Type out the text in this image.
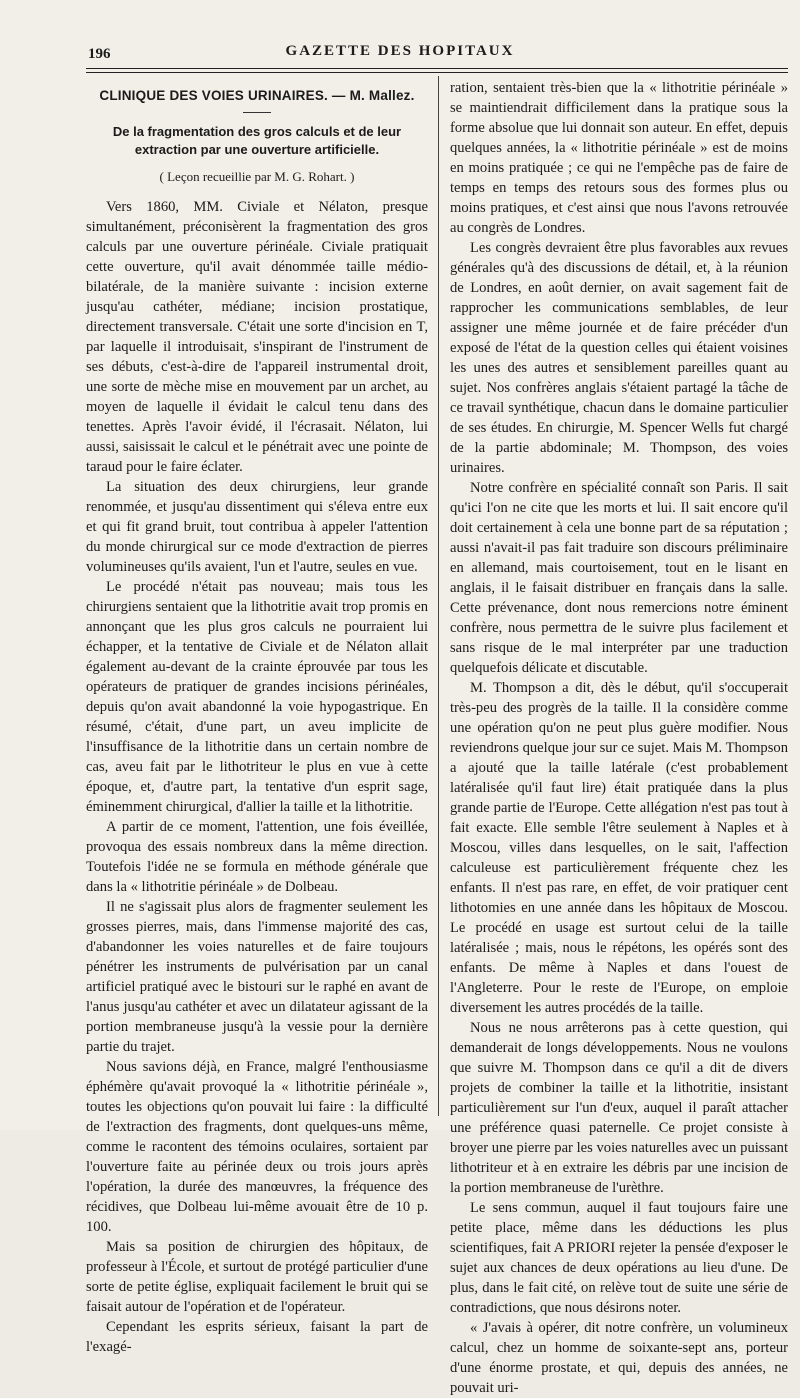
196	GAZETTE DES HOPITAUX
CLINIQUE DES VOIES URINAIRES. — M. Mallez.
De la fragmentation des gros calculs et de leur extraction par une ouverture artificielle.
( Leçon recueillie par M. G. Rohart. )

Vers 1860, MM. Civiale et Nélaton, presque simultanément, préconisèrent la fragmentation des gros calculs par une ouverture périnéale. Civiale pratiquait cette ouverture, qu'il avait dénommée taille médio-bilatérale, de la manière suivante : incision externe jusqu'au cathéter, médiane; incision prostatique, directement transversale. C'était une sorte d'incision en T, par laquelle il introduisait, s'inspirant de l'instrument de ses débuts, c'est-à-dire de l'appareil instrumental droit, une sorte de mèche mise en mouvement par un archet, au moyen de laquelle il évidait le calcul tenu dans des tenettes. Après l'avoir évidé, il l'écrasait. Nélaton, lui aussi, saisissait le calcul et le pénétrait avec une pointe de taraud pour le faire éclater.

La situation des deux chirurgiens, leur grande renommée, et jusqu'au dissentiment qui s'éleva entre eux et qui fit grand bruit, tout contribua à appeler l'attention du monde chirurgical sur ce mode d'extraction de pierres volumineuses qu'ils avaient, l'un et l'autre, seules en vue.

Le procédé n'était pas nouveau; mais tous les chirurgiens sentaient que la lithotritie avait trop promis en annonçant que les plus gros calculs ne pourraient lui échapper, et la tentative de Civiale et de Nélaton allait également au-devant de la crainte éprouvée par tous les opérateurs de pratiquer de grandes incisions périnéales, depuis qu'on avait abandonné la voie hypogastrique. En résumé, c'était, d'une part, un aveu implicite de l'insuffisance de la lithotritie dans un certain nombre de cas, aveu fait par le lithotriteur le plus en vue à cette époque, et, d'autre part, la tentative d'un esprit sage, éminemment chirurgical, d'allier la taille et la lithotritie.

A partir de ce moment, l'attention, une fois éveillée, provoqua des essais nombreux dans la même direction. Toutefois l'idée ne se formula en méthode générale que dans la « lithotritie périnéale » de Dolbeau.

Il ne s'agissait plus alors de fragmenter seulement les grosses pierres, mais, dans l'immense majorité des cas, d'abandonner les voies naturelles et de faire toujours pénétrer les instruments de pulvérisation par un canal artificiel pratiqué avec le bistouri sur le raphé en avant de l'anus jusqu'au cathéter et avec un dilatateur agissant de la portion membraneuse jusqu'à la vessie pour la dernière partie du trajet.

Nous savions déjà, en France, malgré l'enthousiasme éphémère qu'avait provoqué la « lithotritie périnéale », toutes les objections qu'on pouvait lui faire : la difficulté de l'extraction des fragments, dont quelques-uns même, comme le racontent des témoins oculaires, sortaient par l'ouverture faite au périnée deux ou trois jours après l'opération, la durée des manœuvres, la fréquence des récidives, que Dolbeau lui-même avouait être de 10 p. 100.

Mais sa position de chirurgien des hôpitaux, de professeur à l'École, et surtout de protégé particulier d'une sorte de petite église, expliquait facilement le bruit qui se faisait autour de l'opération et de l'opérateur.

Cependant les esprits sérieux, faisant la part de l'exagé-

ration, sentaient très-bien que la « lithotritie périnéale » se maintiendrait difficilement dans la pratique sous la forme absolue que lui donnait son auteur. En effet, depuis quelques années, la « lithotritie périnéale » est de moins en moins pratiquée ; ce qui ne l'empêche pas de faire de temps en temps des retours sous des formes plus ou moins pratiques, et c'est ainsi que nous l'avons retrouvée au congrès de Londres.

Les congrès devraient être plus favorables aux revues générales qu'à des discussions de détail, et, à la réunion de Londres, en août dernier, on avait sagement fait de rapprocher les communications semblables, de leur assigner une même journée et de faire précéder d'un exposé de l'état de la question celles qui étaient voisines les unes des autres et sensiblement pareilles quant au sujet. Nos confrères anglais s'étaient partagé la tâche de ce travail synthétique, chacun dans le domaine particulier de ses études. En chirurgie, M. Spencer Wells fut chargé de la partie abdominale; M. Thompson, des voies urinaires.

Notre confrère en spécialité connaît son Paris. Il sait qu'ici l'on ne cite que les morts et lui. Il sait encore qu'il doit certainement à cela une bonne part de sa réputation ; aussi n'avait-il pas fait traduire son discours préliminaire en allemand, mais courtoisement, tout en le lisant en anglais, il le faisait distribuer en français dans la salle. Cette prévenance, dont nous remercions notre éminent confrère, nous permettra de le suivre plus facilement et sans risque de le mal interpréter par une traduction quelquefois délicate et discutable.

M. Thompson a dit, dès le début, qu'il s'occuperait très-peu des progrès de la taille. Il la considère comme une opération qu'on ne peut plus guère modifier. Nous reviendrons quelque jour sur ce sujet. Mais M. Thompson a ajouté que la taille latérale (c'est probablement latéralisée qu'il faut lire) était pratiquée dans la plus grande partie de l'Europe. Cette allégation n'est pas tout à fait exacte. Elle semble l'être seulement à Naples et à Moscou, villes dans lesquelles, on le sait, l'affection calculeuse est particulièrement fréquente chez les enfants. Il n'est pas rare, en effet, de voir pratiquer cent lithotomies en une année dans les hôpitaux de Moscou. Le procédé en usage est surtout celui de la taille latéralisée ; mais, nous le répétons, les opérés sont des enfants. De même à Naples et dans l'ouest de l'Angleterre. Pour le reste de l'Europe, on emploie diversement les autres procédés de la taille.

Nous ne nous arrêterons pas à cette question, qui demanderait de longs développements. Nous ne voulons que suivre M. Thompson dans ce qu'il a dit de divers projets de combiner la taille et la lithotritie, insistant particulièrement sur l'un d'eux, auquel il paraît attacher une préférence quasi paternelle. Ce projet consiste à broyer une pierre par les voies naturelles avec un puissant lithotriteur et à en extraire les débris par une incision de la portion membraneuse de l'urèthre.

Le sens commun, auquel il faut toujours faire une petite place, même dans les déductions les plus scientifiques, fait A PRIORI rejeter la pensée d'exposer le sujet aux chances de deux opérations au lieu d'une. De plus, dans le fait cité, on relève tout de suite une série de contradictions, que nous désirons noter.

« J'avais à opérer, dit notre confrère, un volumineux calcul, chez un homme de soixante-sept ans, porteur d'une énorme prostate, et qui, depuis des années, ne pouvait uri-
